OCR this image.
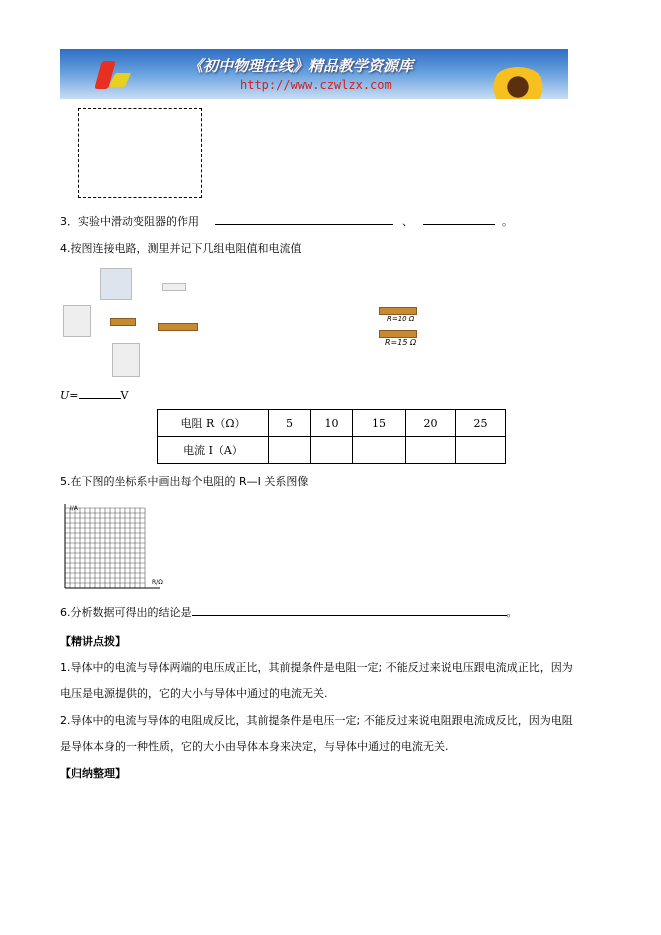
《初中物理在线》精品教学资源库
http://www.czwlzx.com
3．实验中滑动变阻器的作用	、	。
4.按图连接电路，测里并记下几组电阻值和电流值
R=10 Ω
R=15 Ω
U=	V
电阻 R（Ω）	5	10	15	20	25
电流 I（A）					
5.在下图的坐标系中画出每个电阻的 R—I 关系图像
I/A
R/Ω
6.分析数据可得出的结论是	。
【精讲点拨】
1.导体中的电流与导体两端的电压成正比，其前提条件是电阻一定; 不能反过来说电压跟电流成正比，因为
电压是电源提供的，它的大小与导体中通过的电流无关.
2.导体中的电流与导体的电阻成反比，其前提条件是电压一定; 不能反过来说电阻跟电流成反比，因为电阻
是导体本身的一种性质，它的大小由导体本身来决定，与导体中通过的电流无关.
【归纳整理】
